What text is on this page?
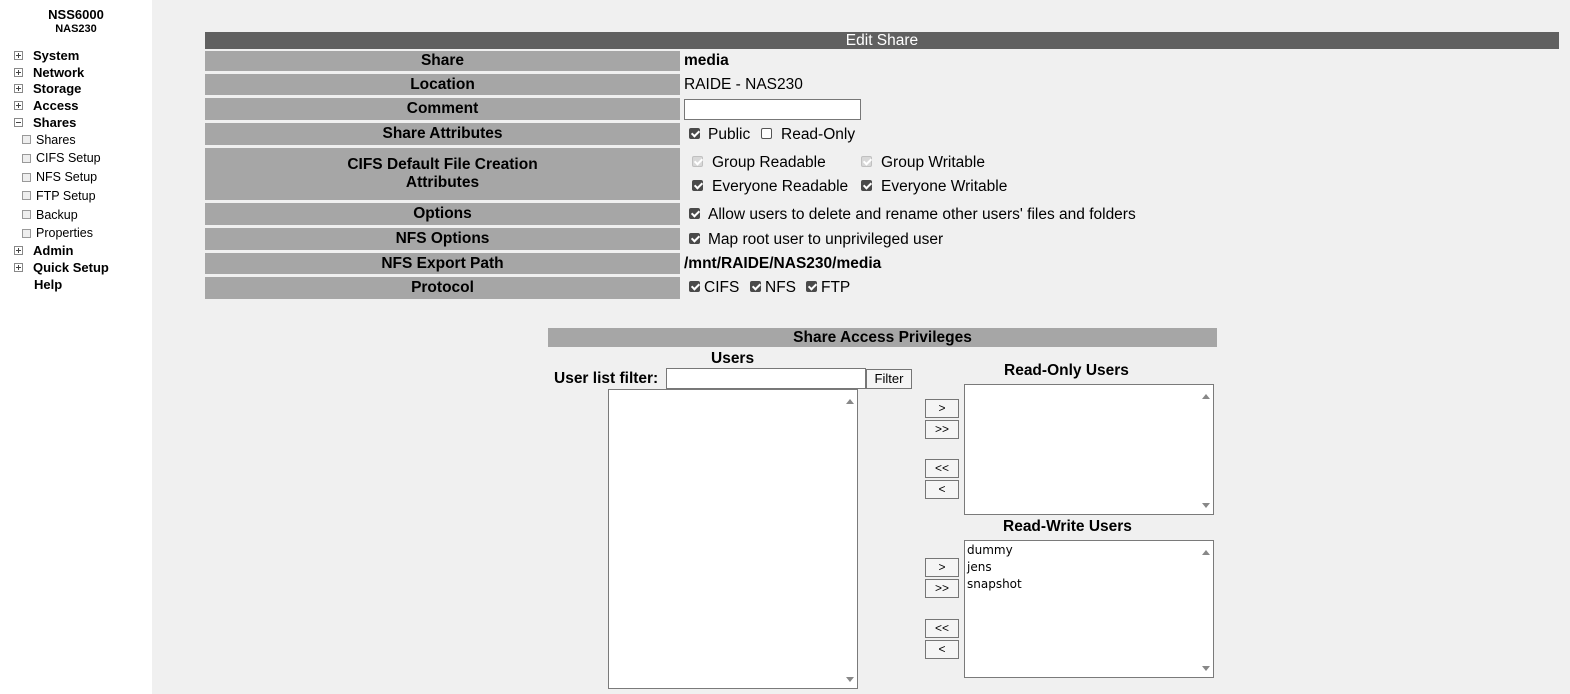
NSS6000
NAS230
System
Network
Storage
Access
Shares
Shares
CIFS Setup
NFS Setup
FTP Setup
Backup
Properties
Admin
Quick Setup
Help
Edit Share
Share	media
Location	RAIDE - NAS230
Comment
Share Attributes	Public Read-Only
CIFS Default File Creation
Attributes
Group Readable	Group Writable
Everyone Readable Everyone Writable
Options	Allow users to delete and rename other users' files and folders
NFS Options	Map root user to unprivileged user
NFS Export Path	/mnt/RAIDE/NAS230/media
Protocol	CIFS NFS FTP
Share Access Privileges
Users
User list filter:	Filter	Read-Only Users
>
>>
<<
<
Read-Write Users
dummy
jens
snapshot
>
>>
<<
<
